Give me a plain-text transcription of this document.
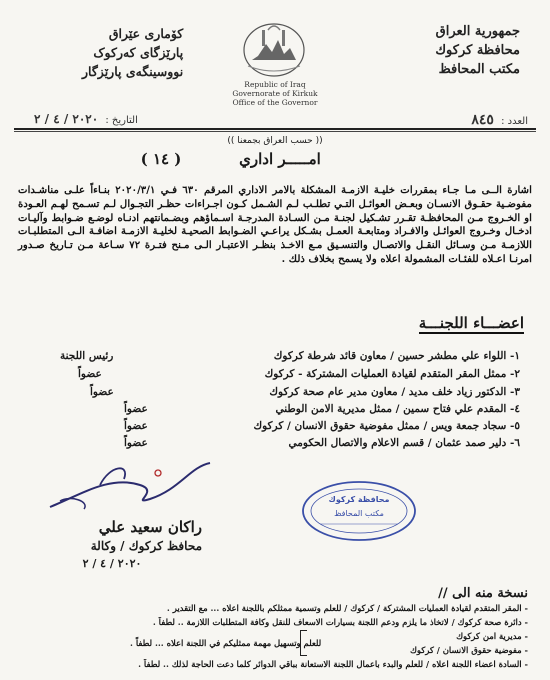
جمهورية العراق
محافظة كركوك
مكتب المحافظ
كۆماری عێراق
پارێزگای کەرکوک
نووسینگەی پارێزگار
Republic of Iraq
Governorate of Kirkuk
Office of the Governor
العدد : ٨٤٥
التاريخ : ٢٠٢٠ / ٤ / ٢
(( حسب العراق بجمعنا ))
امـــــر اداري
( ١٤ )
اشارة الــى مـا جـاء بمقررات خليـة الازمـة المشكلة بالامر الاداري المرقم ٦٣٠ فـي ٢٠٢٠/٣/١ بنـاءاً علـى مناشـدات مفوضـية حقـوق الانسـان وبعـض العوائـل التـي تطلـب لـم الشـمل كـون اجـراءات حظـر التجـوال لـم تسـمح لهـم العـودة او الخـروج مـن المحافظـة تقـرر تشـكيل لجنـة مـن السـادة المدرجـة اسـماؤهم وبضـمانتهم ادنـاه لوضـع ضـوابط وآليـات ادخـال وخـروج العوائـل والافـراد ومتابعـة العمـل بشـكل يراعـي الضـوابط الصحيـة لخليـة الازمـة اضافـة الـى المتطلبـات اللازمـة مـن وسـائل النقـل والاتصـال والتنسـيق مـع الاخـذ بنظـر الاعتبـار الـى مـنح فتـرة ٧٢ سـاعة مـن تـاريخ صـدور امرنـا اعـلاه للفئـات المشمولة اعلاه ولا يسمح بخلاف ذلك .
اعضـــاء اللجنـــة
١- اللواء علي مطشر حسين / معاون قائد شرطة كركوك
رئيس اللجنة
٢- ممثل المقر المتقدم لقيادة العمليات المشتركة - كركوك
عضواً
٣- الدكتور زياد خلف مديد / معاون مدير عام صحة كركوك
عضواً
٤- المقدم علي فتاح سمين / ممثل مديرية الامن الوطني
عضواً
٥- سجاد جمعة ويس / ممثل مفوضية حقوق الانسان / كركوك
عضواً
٦- دلير صمد عثمان / قسم الاعلام والاتصال الحكومي
عضواً
محافظة كركوك
مكتب المحافظ
راكان سعيد علي
محافظ كركوك / وكالة
٢٠٢٠ / ٤ / ٢
نسخة منه الى //
- المقر المتقدم لقيادة العمليات المشتركة / كركوك / للعلم وتسمية ممثلكم باللجنة اعلاه ... مع التقدير .
- دائرة صحة كركوك / لاتخاذ ما يلزم ودعم اللجنة بسيارات الاسعاف للنقل وكافة المتطلبات اللازمة .. لطفاً .
- مديرية امن كركوك
- مفوضية حقوق الانسان / كركوك
- السادة اعضاء اللجنة اعلاه / للعلم والبدء باعمال اللجنة الاستعانة بباقي الدوائر كلما دعت الحاجة لذلك .. لطفاً .
للعلم وتسهيل مهمة ممثليكم في اللجنة اعلاه ... لطفاً .
